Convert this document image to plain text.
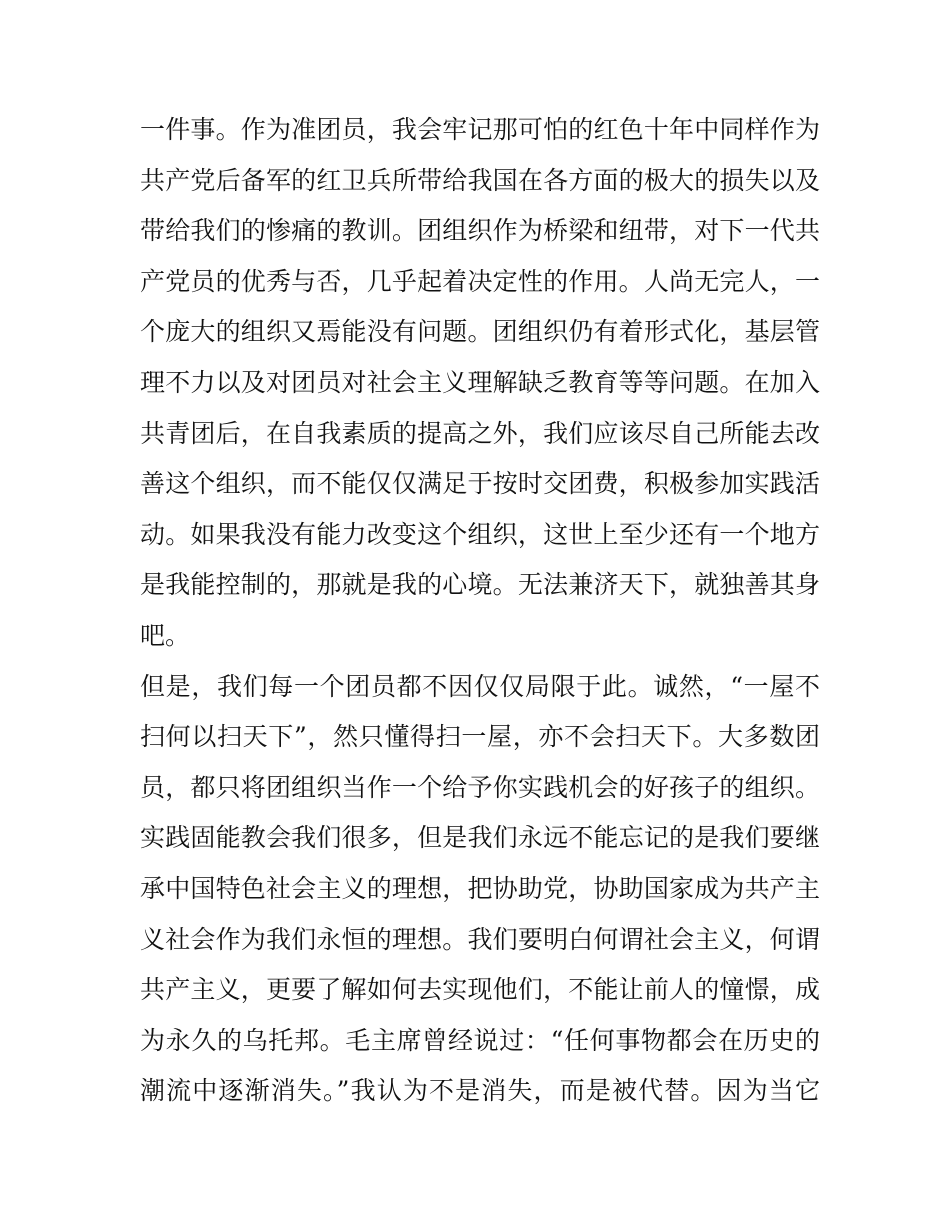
一件事。作为准团员，我会牢记那可怕的红色十年中同样作为
共产党后备军的红卫兵所带给我国在各方面的极大的损失以及
带给我们的惨痛的教训。团组织作为桥梁和纽带，对下一代共
产党员的优秀与否，几乎起着决定性的作用。人尚无完人，一
个庞大的组织又焉能没有问题。团组织仍有着形式化，基层管
理不力以及对团员对社会主义理解缺乏教育等等问题。在加入
共青团后，在自我素质的提高之外，我们应该尽自己所能去改
善这个组织，而不能仅仅满足于按时交团费，积极参加实践活
动。如果我没有能力改变这个组织，这世上至少还有一个地方
是我能控制的，那就是我的心境。无法兼济天下，就独善其身
吧。
但是，我们每一个团员都不因仅仅局限于此。诚然，“一屋不
扫何以扫天下”，然只懂得扫一屋，亦不会扫天下。大多数团
员，都只将团组织当作一个给予你实践机会的好孩子的组织。
实践固能教会我们很多，但是我们永远不能忘记的是我们要继
承中国特色社会主义的理想，把协助党，协助国家成为共产主
义社会作为我们永恒的理想。我们要明白何谓社会主义，何谓
共产主义，更要了解如何去实现他们，不能让前人的憧憬，成
为永久的乌托邦。毛主席曾经说过：“任何事物都会在历史的
潮流中逐渐消失。”我认为不是消失，而是被代替。因为当它
